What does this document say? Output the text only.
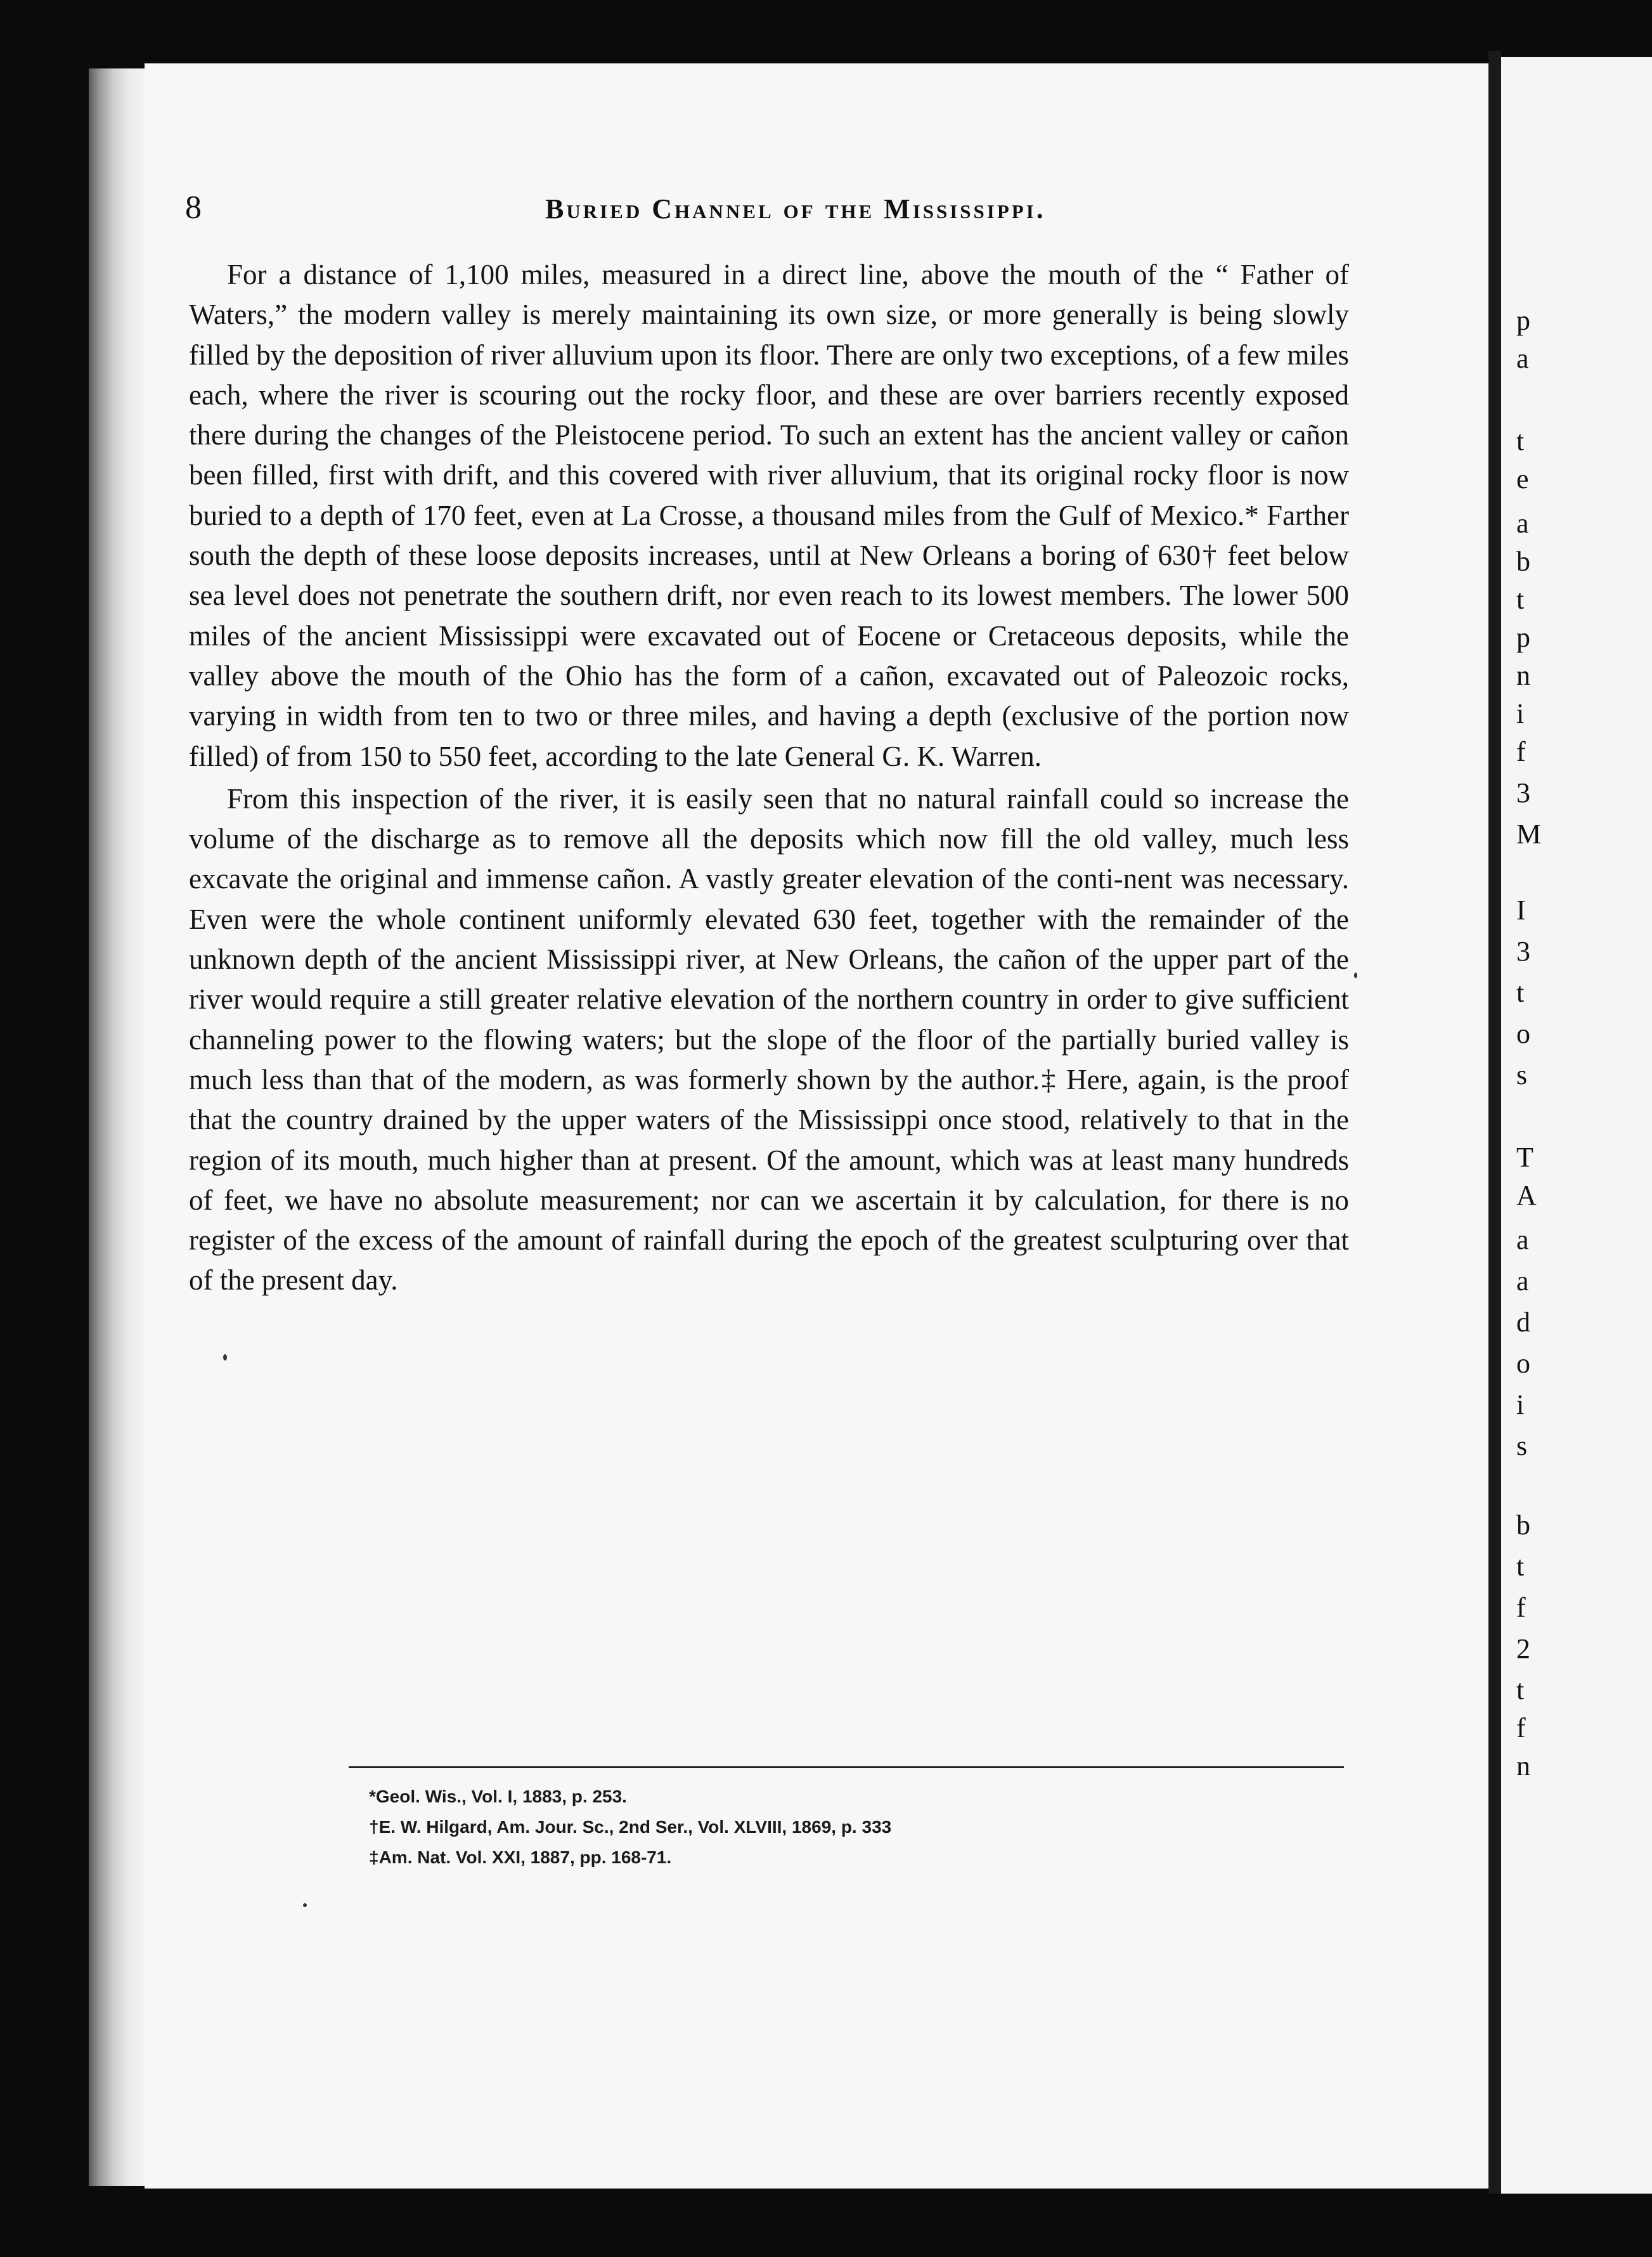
p
a
t
e
a
b
t
p
n
i
f
3
M
I
3
t
o
s
T
A
a
a
d
o
i
s
b
t
f
2
t
f
n
8	Buried Channel of the Mississippi.

For a distance of 1,100 miles, measured in a direct line, above the mouth of the “ Father of Waters,” the modern valley is merely maintaining its own size, or more generally is being slowly filled by the deposition of river alluvium upon its floor. There are only two exceptions, of a few miles each, where the river is scouring out the rocky floor, and these are over barriers recently exposed there during the changes of the Pleistocene period. To such an extent has the ancient valley or cañon been filled, first with drift, and this covered with river alluvium, that its original rocky floor is now buried to a depth of 170 feet, even at La Crosse, a thousand miles from the Gulf of Mexico.* Farther south the depth of these loose deposits increases, until at New Orleans a boring of 630† feet below sea level does not penetrate the southern drift, nor even reach to its lowest members. The lower 500 miles of the ancient Mississippi were excavated out of Eocene or Cretaceous deposits, while the valley above the mouth of the Ohio has the form of a cañon, excavated out of Paleozoic rocks, varying in width from ten to two or three miles, and having a depth (exclusive of the portion now filled) of from 150 to 550 feet, according to the late General G. K. Warren.

From this inspection of the river, it is easily seen that no natural rainfall could so increase the volume of the discharge as to remove all the deposits which now fill the old valley, much less excavate the original and immense cañon. A vastly greater elevation of the conti-nent was necessary. Even were the whole continent uniformly elevated 630 feet, together with the remainder of the unknown depth of the ancient Mississippi river, at New Orleans, the cañon of the upper part of the river would require a still greater relative elevation of the northern country in order to give sufficient channeling power to the flowing waters; but the slope of the floor of the partially buried valley is much less than that of the modern, as was formerly shown by the author.‡ Here, again, is the proof that the country drained by the upper waters of the Mississippi once stood, relatively to that in the region of its mouth, much higher than at present. Of the amount, which was at least many hundreds of feet, we have no absolute measurement; nor can we ascertain it by calculation, for there is no register of the excess of the amount of rainfall during the epoch of the greatest sculpturing over that of the present day.

*Geol. Wis., Vol. I, 1883, p. 253.

†E. W. Hilgard, Am. Jour. Sc., 2nd Ser., Vol. XLVIII, 1869, p. 333

‡Am. Nat. Vol. XXI, 1887, pp. 168-71.
